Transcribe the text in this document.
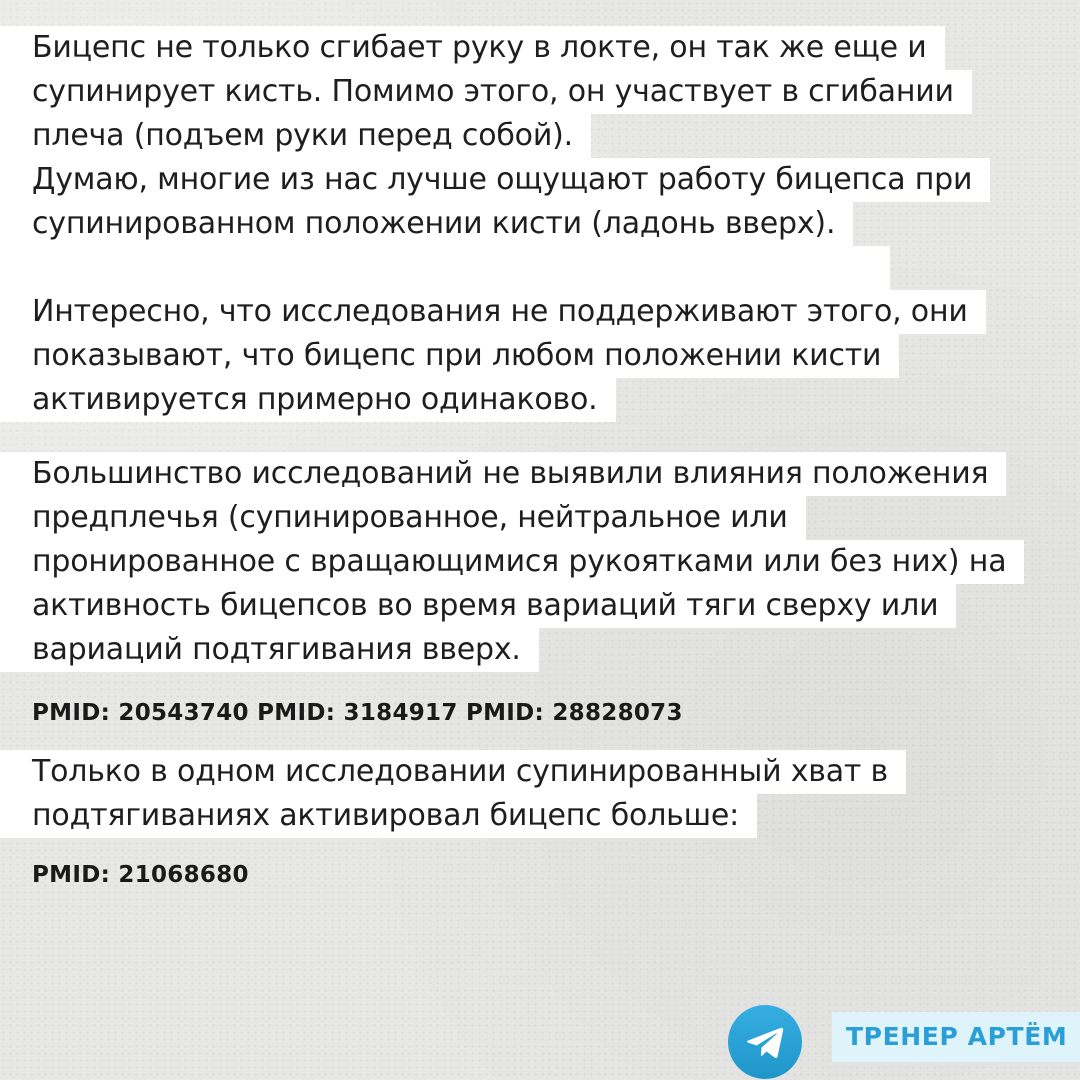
Бицепс не только сгибает руку в локте, он так же еще и
супинирует кисть. Помимо этого, он участвует в сгибании
плеча (подъем руки перед собой).
Думаю, многие из нас лучше ощущают работу бицепса при
супинированном положении кисти (ладонь вверх).
Интересно, что исследования не поддерживают этого, они
показывают, что бицепс при любом положении кисти
активируется примерно одинаково.
Большинство исследований не выявили влияния положения
предплечья (супинированное, нейтральное или
пронированное с вращающимися рукоятками или без них) на
активность бицепсов во время вариаций тяги сверху или
вариаций подтягивания вверх.
PMID: 20543740 PMID: 3184917 PMID: 28828073
Только в одном исследовании супинированный хват в
подтягиваниях активировал бицепс больше:
PMID: 21068680
ТРЕНЕР АРТЁМ
